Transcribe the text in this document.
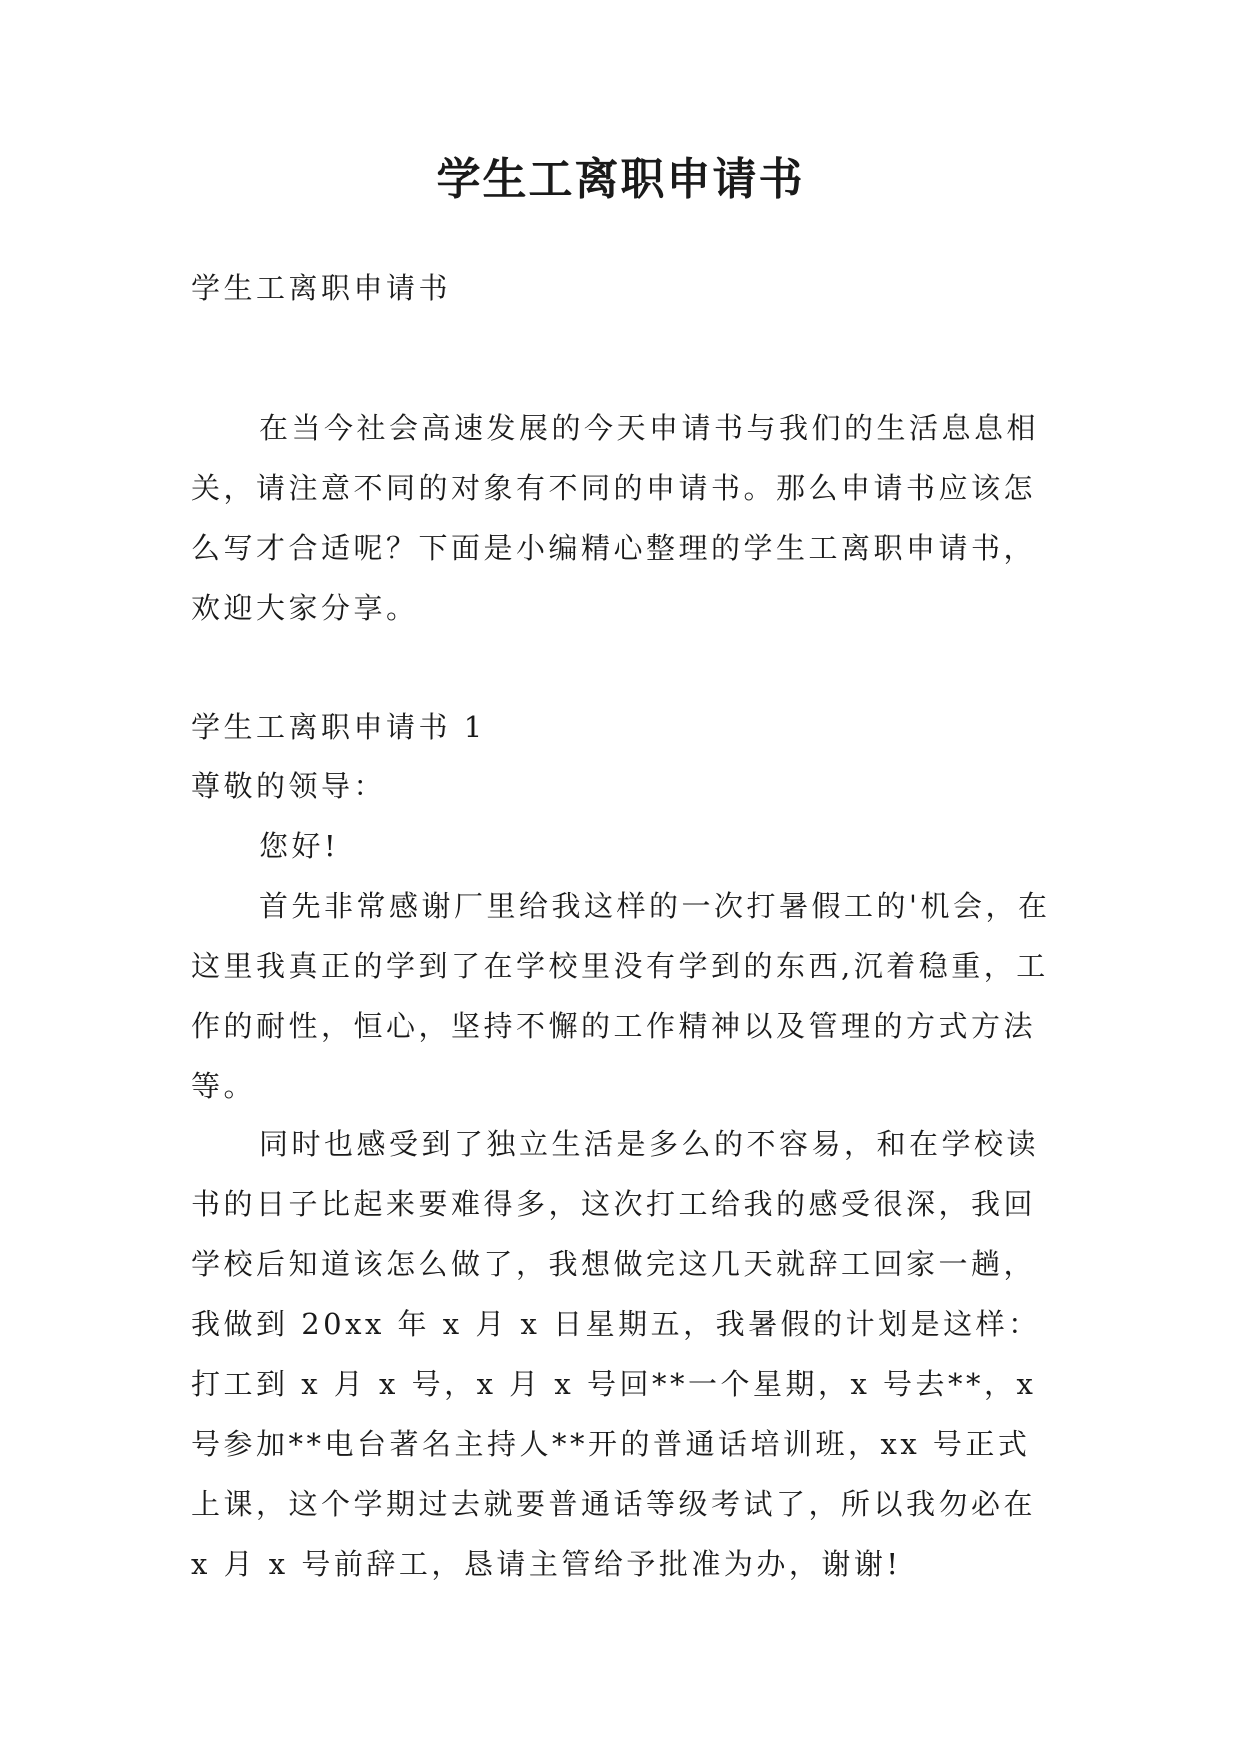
学生工离职申请书

学生工离职申请书

在当今社会高速发展的今天申请书与我们的生活息息相关，请注意不同的对象有不同的申请书。那么申请书应该怎么写才合适呢？下面是小编精心整理的学生工离职申请书，欢迎大家分享。

学生工离职申请书 1

尊敬的领导：

您好!

首先非常感谢厂里给我这样的一次打暑假工的'机会，在这里我真正的学到了在学校里没有学到的东西,沉着稳重，工作的耐性，恒心，坚持不懈的工作精神以及管理的方式方法等。

同时也感受到了独立生活是多么的不容易，和在学校读书的日子比起来要难得多，这次打工给我的感受很深，我回学校后知道该怎么做了，我想做完这几天就辞工回家一趟，我做到 20xx 年 x 月 x 日星期五，我暑假的计划是这样：打工到 x 月 x 号，x 月 x 号回**一个星期，x 号去**，x 号参加**电台著名主持人**开的普通话培训班，xx 号正式上课，这个学期过去就要普通话等级考试了，所以我勿必在 x 月 x 号前辞工，恳请主管给予批准为办，谢谢!
